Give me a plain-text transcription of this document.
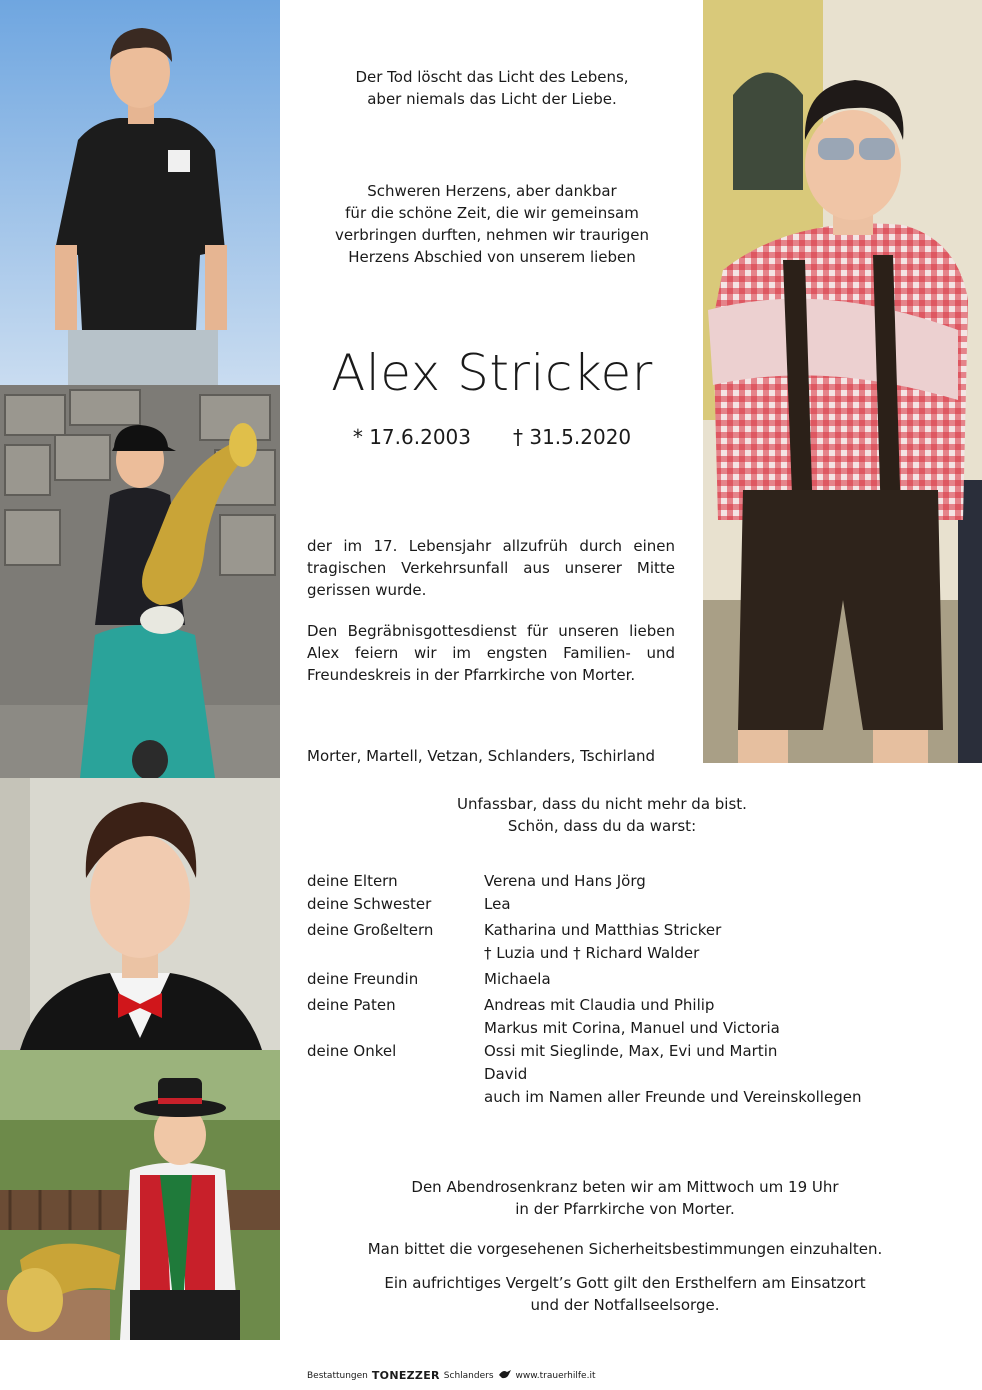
Der Tod löscht das Licht des Lebens,
aber niemals das Licht der Liebe.
Schweren Herzens, aber dankbar
für die schöne Zeit, die wir gemeinsam
verbringen durften, nehmen wir traurigen
Herzens Abschied von unserem lieben
Alex Stricker
* 17.6.2003 † 31.5.2020
der im 17. Lebensjahr allzufrüh durch einen tragischen Verkehrsunfall aus unserer Mitte gerissen wurde.
Den Begräbnisgottesdienst für unseren lieben Alex feiern wir im engsten Familien- und Freundeskreis in der Pfarrkirche von Morter.
Morter, Martell, Vetzan, Schlanders, Tschirland
Unfassbar, dass du nicht mehr da bist.
Schön, dass du da warst:
deine Eltern	Verena und Hans Jörg
deine Schwester	Lea
deine Großeltern	Katharina und Matthias Stricker
† Luzia und † Richard Walder
deine Freundin	Michaela
deine Paten	Andreas mit Claudia und Philip
Markus mit Corina, Manuel und Victoria
deine Onkel	Ossi mit Sieglinde, Max, Evi und Martin
David
auch im Namen aller Freunde und Vereinskollegen
Den Abendrosenkranz beten wir am Mittwoch um 19 Uhr
in der Pfarrkirche von Morter.
Man bittet die vorgesehenen Sicherheitsbestimmungen einzuhalten.
Ein aufrichtiges Vergelt’s Gott gilt den Ersthelfern am Einsatzort
und der Notfallseelsorge.
Bestattungen TONEZZER Schlanders www.trauerhilfe.it
